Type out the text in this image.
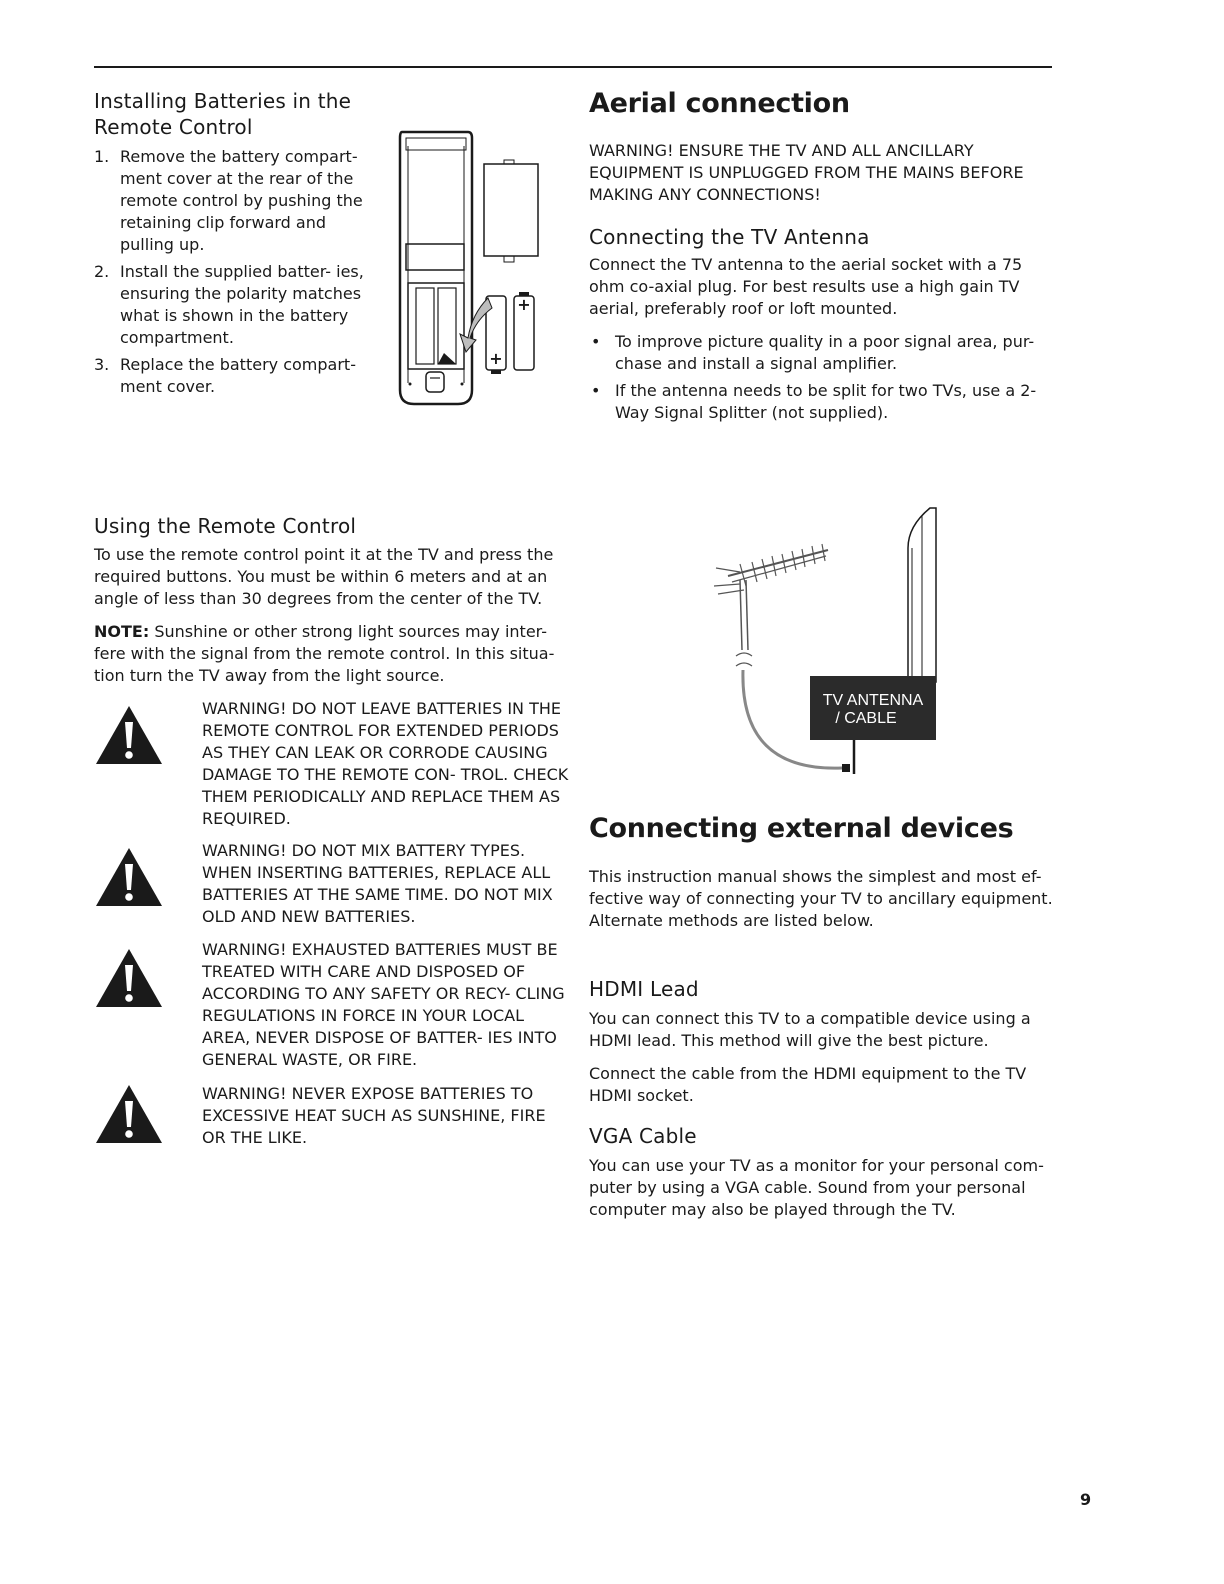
Installing Batteries in the Remote Control
1. Remove the battery compart- ment cover at the rear of the remote control by pushing the retaining clip forward and pulling up.
2. Install the supplied batter- ies, ensuring the polarity matches what is shown in the battery compartment.
3. Replace the battery compart- ment cover.
+
+
Using the Remote Control

To use the remote control point it at the TV and press the required buttons. You must be within 6 meters and at an angle of less than 30 degrees from the center of the TV.

NOTE: Sunshine or other strong light sources may inter- fere with the signal from the remote control. In this situa- tion turn the TV away from the light source.

WARNING! DO NOT LEAVE BATTERIES IN THE REMOTE CONTROL FOR EXTENDED PERIODS AS THEY CAN LEAK OR CORRODE CAUSING DAMAGE TO THE REMOTE CON- TROL. CHECK THEM PERIODICALLY AND REPLACE THEM AS REQUIRED.
WARNING! DO NOT MIX BATTERY TYPES. WHEN INSERTING BATTERIES, REPLACE ALL BATTERIES AT THE SAME TIME. DO NOT MIX OLD AND NEW BATTERIES.
WARNING! EXHAUSTED BATTERIES MUST BE TREATED WITH CARE AND DISPOSED OF ACCORDING TO ANY SAFETY OR RECY- CLING REGULATIONS IN FORCE IN YOUR LOCAL AREA, NEVER DISPOSE OF BATTER- IES INTO GENERAL WASTE, OR FIRE.
WARNING! NEVER EXPOSE BATTERIES TO EXCESSIVE HEAT SUCH AS SUNSHINE, FIRE OR THE LIKE.
Aerial connection

WARNING! ENSURE THE TV AND ALL ANCILLARY EQUIPMENT IS UNPLUGGED FROM THE MAINS BEFORE MAKING ANY CONNECTIONS!

Connecting the TV Antenna

Connect the TV antenna to the aerial socket with a 75 ohm co-axial plug. For best results use a high gain TV aerial, preferably roof or loft mounted.

• To improve picture quality in a poor signal area, pur- chase and install a signal amplifier.
• If the antenna needs to be split for two TVs, use a 2- Way Signal Splitter (not supplied).
TV ANTENNA
/ CABLE
Connecting external devices

This instruction manual shows the simplest and most ef- fective way of connecting your TV to ancillary equipment. Alternate methods are listed below.

HDMI Lead

You can connect this TV to a compatible device using a HDMI lead. This method will give the best picture.

Connect the cable from the HDMI equipment to the TV HDMI socket.

VGA Cable

You can use your TV as a monitor for your personal com- puter by using a VGA cable. Sound from your personal computer may also be played through the TV.

9
